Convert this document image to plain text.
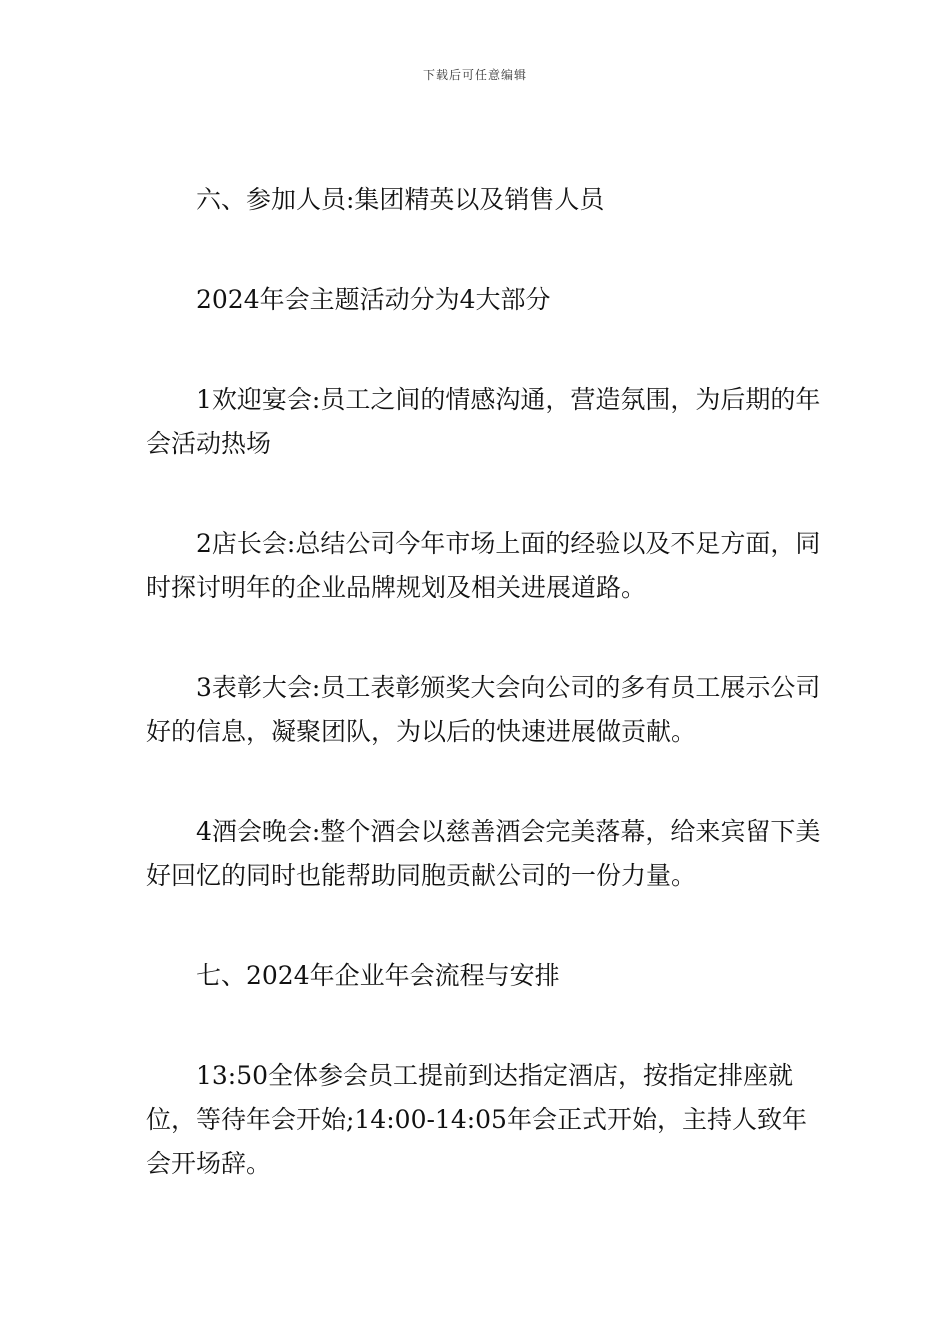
下载后可任意编辑

六、参加人员:集团精英以及销售人员

2024年会主题活动分为4大部分

1欢迎宴会:员工之间的情感沟通，营造氛围，为后期的年会活动热场

2店长会:总结公司今年市场上面的经验以及不足方面，同时探讨明年的企业品牌规划及相关进展道路。

3表彰大会:员工表彰颁奖大会向公司的多有员工展示公司好的信息，凝聚团队，为以后的快速进展做贡献。

4酒会晚会:整个酒会以慈善酒会完美落幕，给来宾留下美好回忆的同时也能帮助同胞贡献公司的一份力量。

七、2024年企业年会流程与安排

13:50全体参会员工提前到达指定酒店，按指定排座就位，等待年会开始;14:00-14:05年会正式开始，主持人致年会开场辞。
